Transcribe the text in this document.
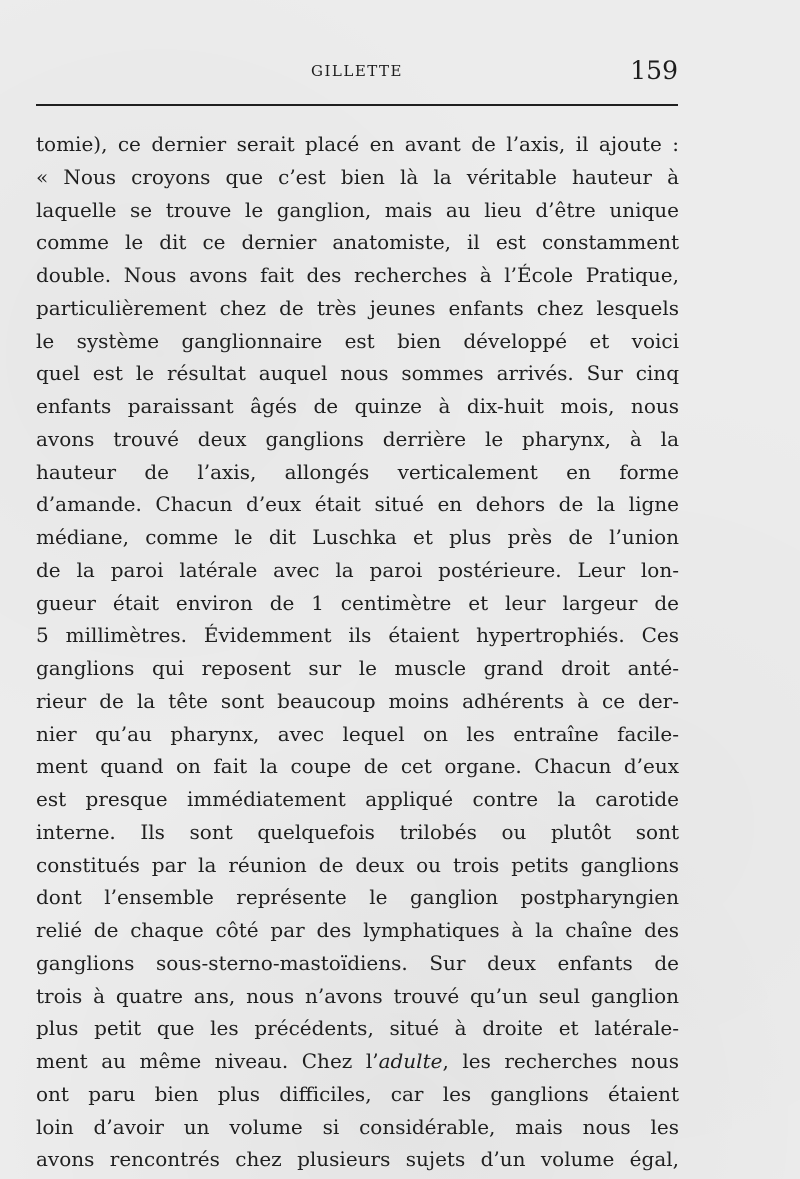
GILLETTE	159
tomie), ce dernier serait placé en avant de l’axis, il ajoute :
« Nous croyons que c’est bien là la véritable hauteur à
laquelle se trouve le ganglion, mais au lieu d’être unique
comme le dit ce dernier anatomiste, il est constamment
double. Nous avons fait des recherches à l’École Pratique,
particulièrement chez de très jeunes enfants chez lesquels
le système ganglionnaire est bien développé et voici
quel est le résultat auquel nous sommes arrivés. Sur cinq
enfants paraissant âgés de quinze à dix-huit mois, nous
avons trouvé deux ganglions derrière le pharynx, à la
hauteur de l’axis, allongés verticalement en forme
d’amande. Chacun d’eux était situé en dehors de la ligne
médiane, comme le dit Luschka et plus près de l’union
de la paroi latérale avec la paroi postérieure. Leur lon-
gueur était environ de 1 centimètre et leur largeur de
5 millimètres. Évidemment ils étaient hypertrophiés. Ces
ganglions qui reposent sur le muscle grand droit anté-
rieur de la tête sont beaucoup moins adhérents à ce der-
nier qu’au pharynx, avec lequel on les entraîne facile-
ment quand on fait la coupe de cet organe. Chacun d’eux
est presque immédiatement appliqué contre la carotide
interne. Ils sont quelquefois trilobés ou plutôt sont
constitués par la réunion de deux ou trois petits ganglions
dont l’ensemble représente le ganglion postpharyngien
relié de chaque côté par des lymphatiques à la chaîne des
ganglions sous-sterno-mastoïdiens. Sur deux enfants de
trois à quatre ans, nous n’avons trouvé qu’un seul ganglion
plus petit que les précédents, situé à droite et latérale-
ment au même niveau. Chez l’adulte, les recherches nous
ont paru bien plus difficiles, car les ganglions étaient
loin d’avoir un volume si considérable, mais nous les
avons rencontrés chez plusieurs sujets d’un volume égal,
